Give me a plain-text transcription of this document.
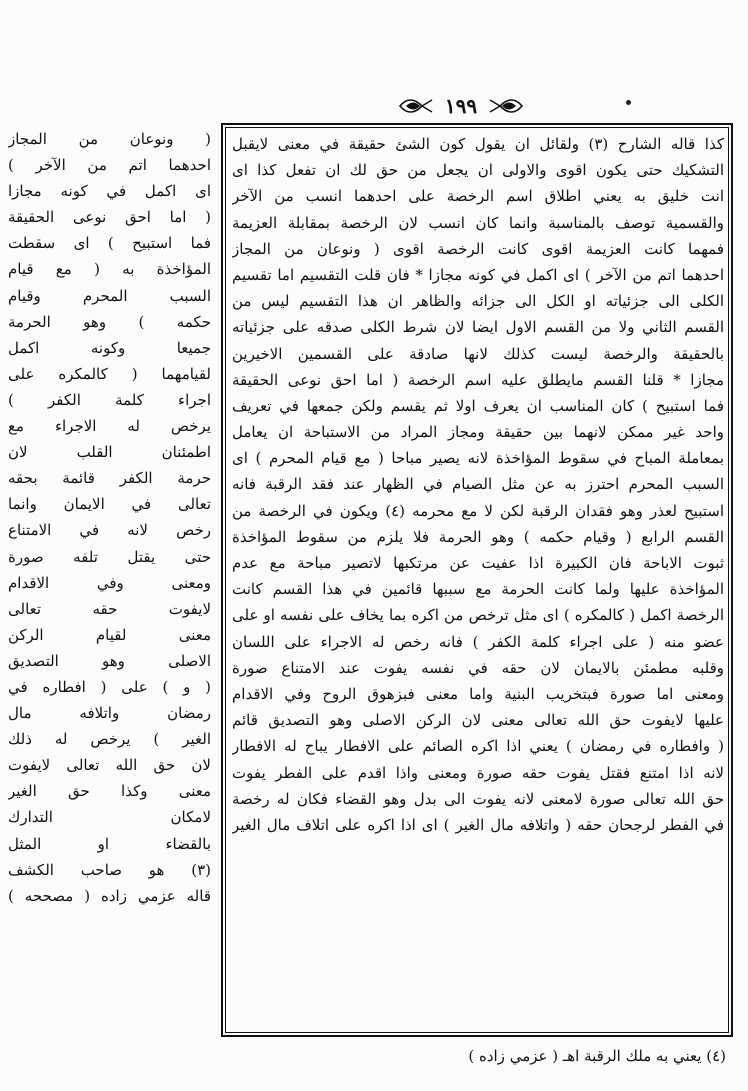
١٩٩
كذا قاله الشارح (٣) ولقائل ان يقول كون الشئ حقيقة في معنى لايقبل
التشكيك حتى يكون اقوى والاولى ان يجعل من حق لك ان تفعل كذا اى
انت خليق به يعني اطلاق اسم الرخصة على احدهما انسب من الآخر
والقسمية توصف بالمناسبة وانما كان انسب لان الرخصة بمقابلة العزيمة
فمهما كانت العزيمة اقوى كانت الرخصة اقوى ( ونوعان من المجاز
احدهما اتم من الآخر ) اى اكمل في كونه مجازا * فان قلت التقسيم اما تقسيم
الكلى الى جزئياته او الكل الى جزائه والظاهر ان هذا التقسيم ليس من
القسم الثاني ولا من القسم الاول ايضا لان شرط الكلى صدقه على جزئياته
بالحقيقة والرخصة ليست كذلك لانها صادقة على القسمين الاخيرين
مجازا * قلنا القسم مايطلق عليه اسم الرخصة ( اما احق نوعى الحقيقة
فما استبيح ) كان المناسب ان يعرف اولا ثم يقسم ولكن جمعها في تعريف
واحد غير ممكن لانهما بين حقيقة ومجاز المراد من الاستباحة ان يعامل
بمعاملة المباح في سقوط المؤاخذة لانه يصير مباحا ( مع قيام المحرم ) اى
السبب المحرم احترز به عن مثل الصيام في الظهار عند فقد الرقبة فانه
استبيح لعذر وهو فقدان الرقبة لكن لا مع محرمه (٤) ويكون في الرخصة من
القسم الرابع ( وقيام حكمه ) وهو الحرمة فلا يلزم من سقوط المؤاخذة
ثبوت الاباحة فان الكبيرة اذا عفيت عن مرتكبها لاتصير مباحة مع عدم
المؤاخذة عليها ولما كانت الحرمة مع سببها قائمين في هذا القسم كانت
الرخصة اكمل ( كالمكره ) اى مثل ترخص من اكره بما يخاف على نفسه او على
عضو منه ( على اجراء كلمة الكفر ) فانه رخص له الاجراء على اللسان
وقلبه مطمئن بالايمان لان حقه في نفسه يفوت عند الامتناع صورة
ومعنى اما صورة فبتخريب البنية واما معنى فبزهوق الروح وفي الاقدام
عليها لايفوت حق الله تعالى معنى لان الركن الاصلى وهو التصديق قائم
( وافطاره في رمضان ) يعني اذا اكره الصائم على الافطار يباح له الافطار
لانه اذا امتنع فقتل يفوت حقه صورة ومعنى واذا اقدم على الفطر يفوت
حق الله تعالى صورة لامعنى لانه يفوت الى بدل وهو القضاء فكان له رخصة
في الفطر لرجحان حقه ( واتلافه مال الغير ) اى اذا اكره على اتلاف مال الغير
( ونوعان من المجاز
احدهما اتم من الآخر )
اى اكمل في كونه مجازا
( اما احق نوعى الحقيقة
فما استبيح ) اى سقطت
المؤاخذة به ( مع قيام
السبب المحرم وقيام
حكمه ) وهو الحرمة
جميعا وكونه اكمل
لقيامهما ( كالمكره على
اجراء كلمة الكفر )
يرخص له الاجراء مع
اطمئنان القلب لان
حرمة الكفر قائمة بحقه
تعالى في الايمان وانما
رخص لانه في الامتناع
حتى يقتل تلفه صورة
ومعنى وفي الاقدام
لايفوت حقه تعالى
معنى لقيام الركن
الاصلى وهو التصديق
( و ) على ( افطاره في
رمضان واتلافه مال
الغير ) يرخص له ذلك
لان حق الله تعالى لايفوت
معنى وكذا حق الغير
لامكان التدارك
بالقضاء او المثل
(٣) هو صاحب الكشف
قاله عزمي زاده ( مصححه )
(٤) يعني به ملك الرقبة اهـ ( عزمي زاده )
